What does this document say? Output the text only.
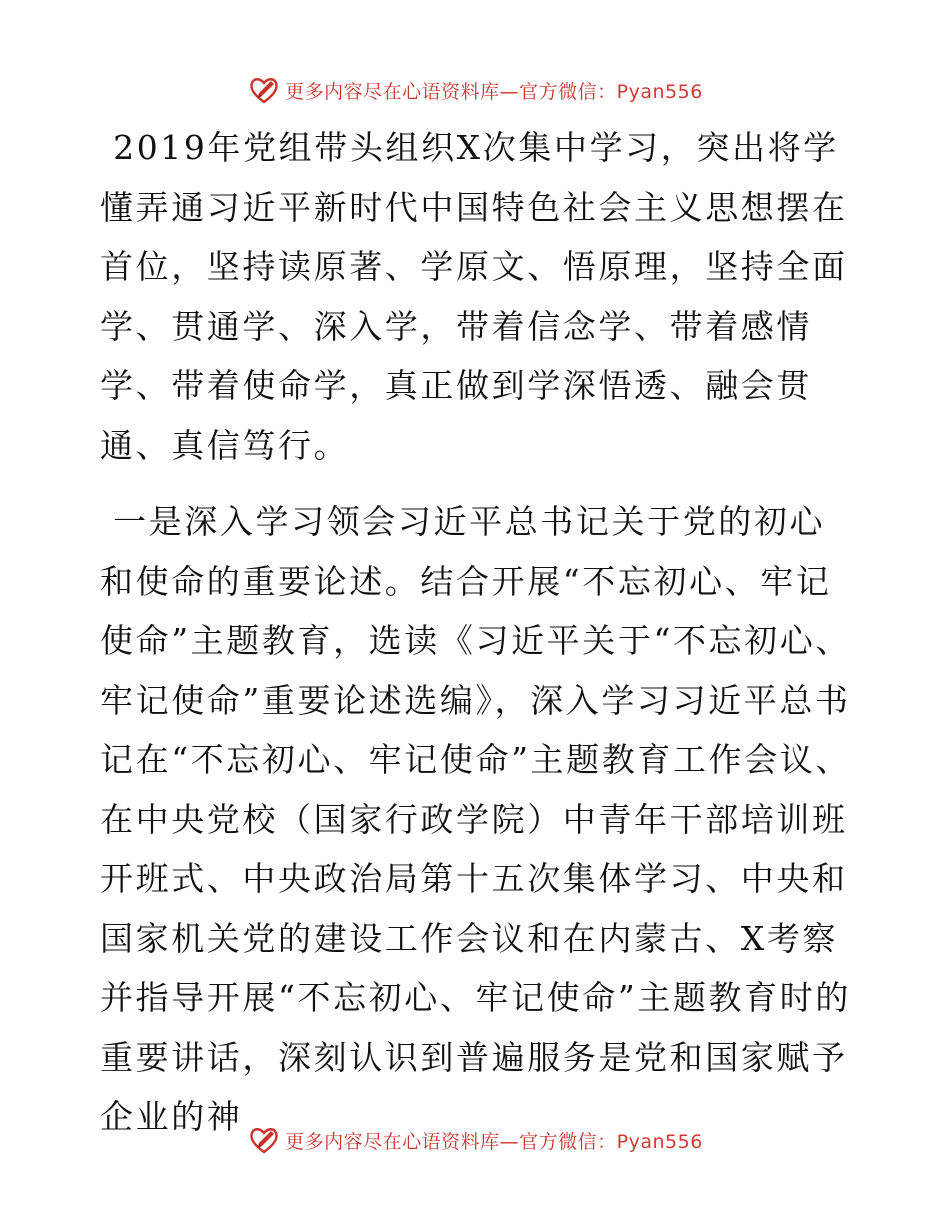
更多内容尽在心语资料库—官方微信：Pyan556

2019年党组带头组织X次集中学习，突出将学懂弄通习近平新时代中国特色社会主义思想摆在首位，坚持读原著、学原文、悟原理，坚持全面学、贯通学、深入学，带着信念学、带着感情学、带着使命学，真正做到学深悟透、融会贯通、真信笃行。

一是深入学习领会习近平总书记关于党的初心和使命的重要论述。结合开展“不忘初心、牢记使命”主题教育，选读《习近平关于“不忘初心、牢记使命”重要论述选编》，深入学习习近平总书记在“不忘初心、牢记使命”主题教育工作会议、在中央党校（国家行政学院）中青年干部培训班开班式、中央政治局第十五次集体学习、中央和国家机关党的建设工作会议和在内蒙古、X考察并指导开展“不忘初心、牢记使命”主题教育时的重要讲话，深刻认识到普遍服务是党和国家赋予企业的神

更多内容尽在心语资料库—官方微信：Pyan556
